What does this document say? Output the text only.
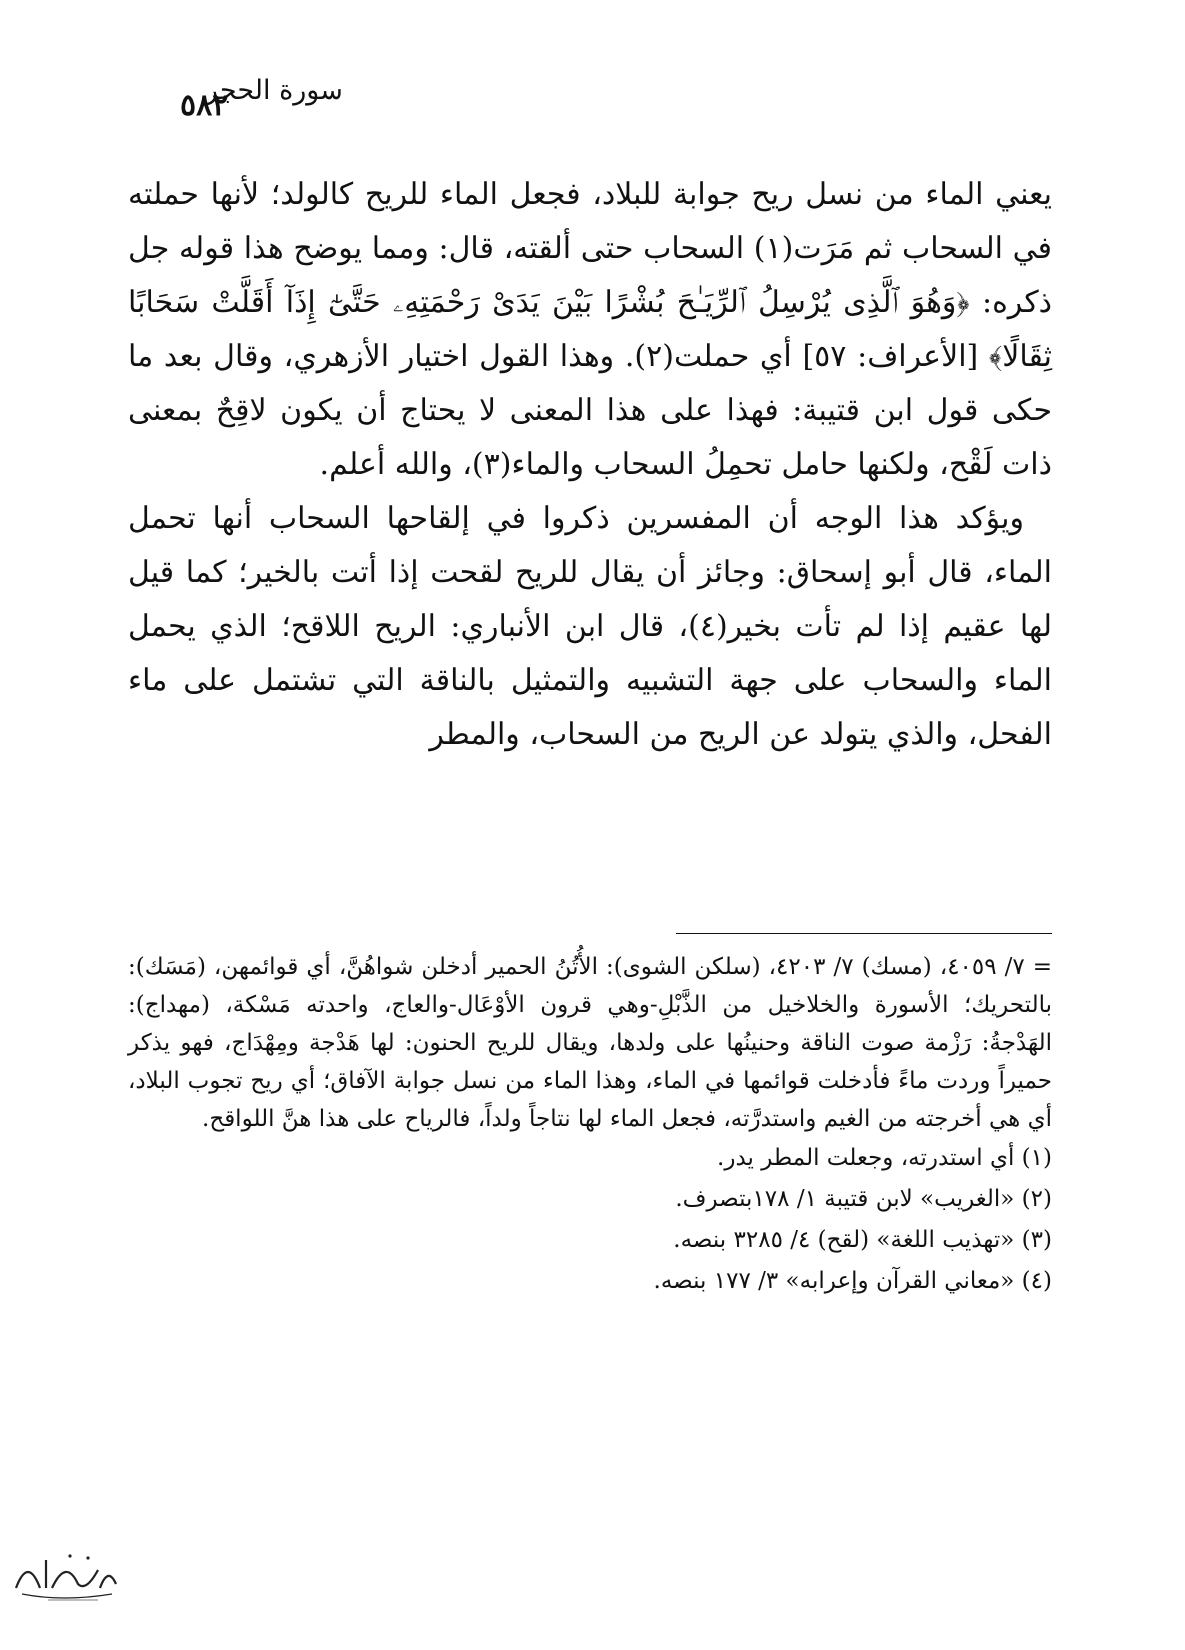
٥٨٢
سورة الحجر

يعني الماء من نسل ريح جوابة للبلاد، فجعل الماء للريح كالولد؛ لأنها حملته في السحاب ثم مَرَت(١) السحاب حتى ألقته، قال: ومما يوضح هذا قوله جل ذكره: ﴿وَهُوَ ٱلَّذِى يُرْسِلُ ٱلرِّيَـٰحَ بُشْرًا بَيْنَ يَدَىْ رَحْمَتِهِۦ حَتَّىٰٓ إِذَآ أَقَلَّتْ سَحَابًا ثِقَالًا﴾ [الأعراف: ٥٧] أي حملت(٢). وهذا القول اختيار الأزهري، وقال بعد ما حكى قول ابن قتيبة: فهذا على هذا المعنى لا يحتاج أن يكون لاقِحٌ بمعنى ذات لَقْح، ولكنها حامل تحمِلُ السحاب والماء(٣)، والله أعلم.

ويؤكد هذا الوجه أن المفسرين ذكروا في إلقاحها السحاب أنها تحمل الماء، قال أبو إسحاق: وجائز أن يقال للريح لقحت إذا أتت بالخير؛ كما قيل لها عقيم إذا لم تأت بخير(٤)، قال ابن الأنباري: الريح اللاقح؛ الذي يحمل الماء والسحاب على جهة التشبيه والتمثيل بالناقة التي تشتمل على ماء الفحل، والذي يتولد عن الريح من السحاب، والمطر

= ٧/ ٤٠٥٩، (مسك) ٧/ ٤٢٠٣، (سلكن الشوى): الأُتُنُ الحمير أدخلن شواهُنَّ، أي قوائمهن، (مَسَك): بالتحريك؛ الأسورة والخلاخيل من الذَّبْلِ-وهي قرون الأوْعَال-والعاج، واحدته مَسْكة، (مهداج): الهَدْجةُ: رَزْمة صوت الناقة وحنينُها على ولدها، ويقال للريح الحنون: لها هَدْجة ومِهْدَاج، فهو يذكر حميراً وردت ماءً فأدخلت قوائمها في الماء، وهذا الماء من نسل جوابة الآفاق؛ أي ريح تجوب البلاد، أي هي أخرجته من الغيم واستدرَّته، فجعل الماء لها نتاجاً ولداً، فالرياح على هذا هنَّ اللواقح.

(١) أي استدرته، وجعلت المطر يدر.

(٢) «الغريب» لابن قتيبة ١/ ١٧٨بتصرف.

(٣) «تهذيب اللغة» (لقح) ٤/ ٣٢٨٥ بنصه.

(٤) «معاني القرآن وإعرابه» ٣/ ١٧٧ بنصه.
